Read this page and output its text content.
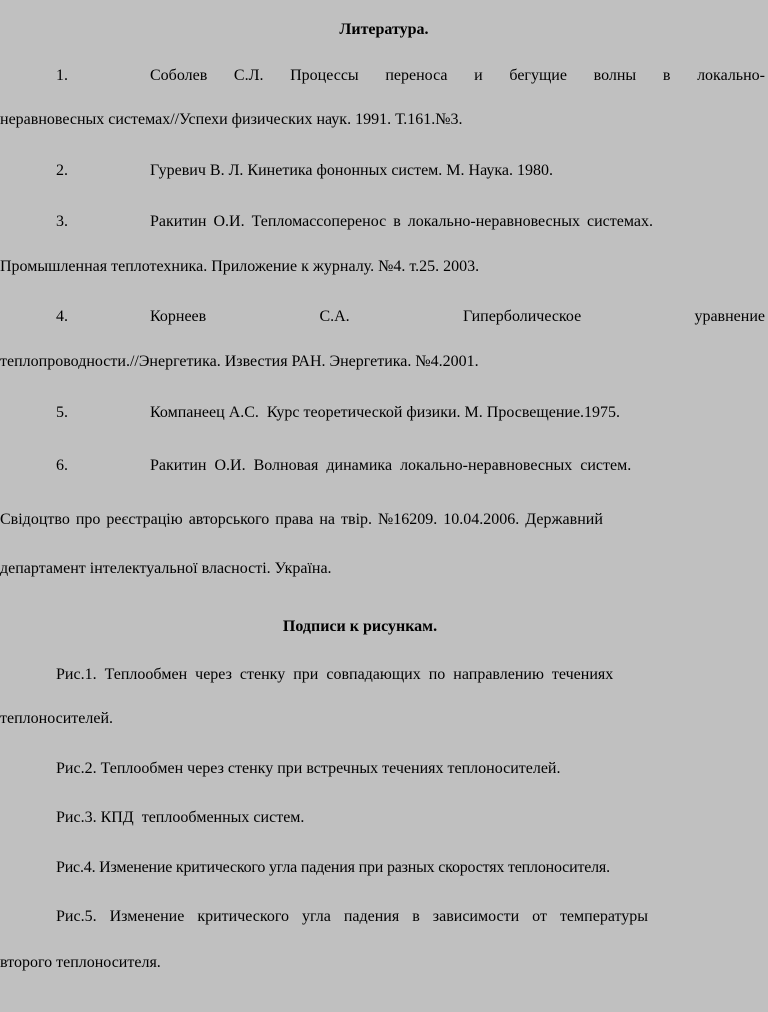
Литература.
1.	Соболев С.Л. Процессы переноса и бегущие волны в локально-
неравновесных системах//Успехи физических наук. 1991. Т.161.№3.
2.	Гуревич В. Л. Кинетика фононных систем. М. Наука. 1980.
3.	Ракитин О.И. Тепломассоперенос в локально-неравновесных системах.
Промышленная теплотехника. Приложение к журналу. №4. т.25. 2003.
4.	Корнеев	С.А.	Гиперболическое	уравнение
теплопроводности.//Энергетика. Известия РАН. Энергетика. №4.2001.
5.	Компанеец А.С.  Курс теоретической физики. М. Просвещение.1975.
6.	Ракитин О.И. Волновая динамика локально-неравновесных систем.
Свідоцтво про реєстрацію авторського права на твір. №16209. 10.04.2006. Державний
департамент інтелектуальної власності. Україна.
Подписи к рисункам.
Рис.1. Теплообмен через стенку при совпадающих по направлению течениях
теплоносителей.
Рис.2. Теплообмен через стенку при встречных течениях теплоносителей.
Рис.3. КПД  теплообменных систем.
Рис.4. Изменение критического угла падения при разных скоростях теплоносителя.
Рис.5. Изменение критического угла падения в зависимости от температуры
второго теплоносителя.
